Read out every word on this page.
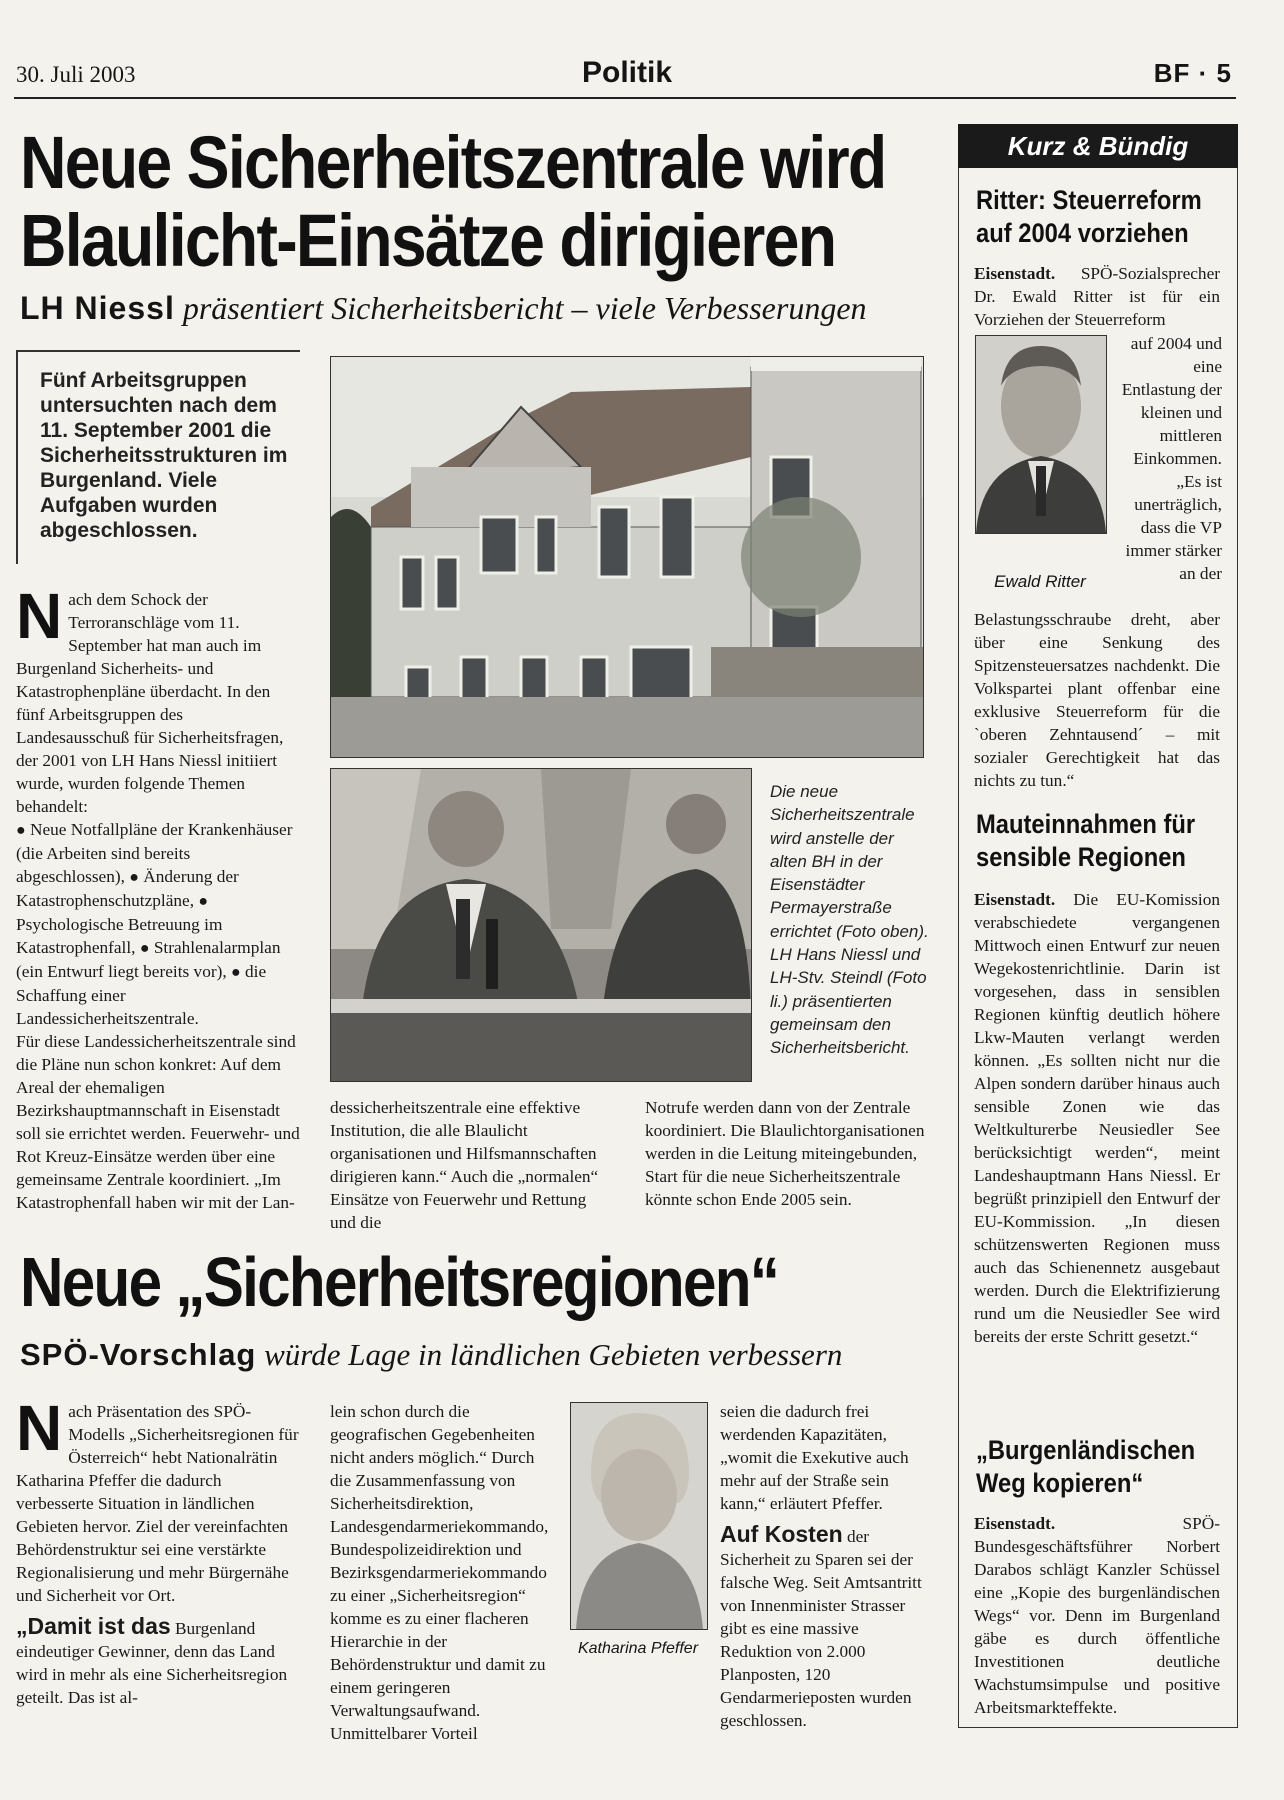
30. Juli 2003	Politik	BF · 5
Neue Sicherheitszentrale wird
Blaulicht-Einsätze dirigieren
LH Niessl präsentiert Sicherheitsbericht – viele Verbesserungen
Fünf Arbeitsgruppen untersuchten nach dem 11. September 2001 die Sicherheitsstrukturen im Burgenland. Viele Aufgaben wurden abgeschlossen.
Die neue Sicherheitszentrale wird anstelle der alten BH in der Eisenstädter Permayerstraße errichtet (Foto oben). LH Hans Niessl und LH-Stv. Steindl (Foto li.) präsentierten gemeinsam den Sicherheitsbericht.

Nach dem Schock der Terroranschläge vom 11. September hat man auch im Burgenland Sicherheits- und Katastrophenpläne überdacht. In den fünf Arbeitsgruppen des Landesausschuß für Sicherheitsfragen, der 2001 von LH Hans Niessl initiiert wurde, wurden folgende Themen behandelt:

● Neue Notfallpläne der Krankenhäuser (die Arbeiten sind bereits abgeschlossen), ● Änderung der Katastrophenschutzpläne, ● Psychologische Betreuung im Katastrophenfall, ● Strahlenalarmplan (ein Entwurf liegt bereits vor), ● die Schaffung einer Landessicherheitszentrale.

Für diese Landessicherheitszentrale sind die Pläne nun schon konkret: Auf dem Areal der ehemaligen Bezirkshauptmannschaft in Eisenstadt soll sie errichtet werden. Feuerwehr- und Rot Kreuz-Einsätze werden über eine gemeinsame Zentrale koordiniert. „Im Katastrophenfall haben wir mit der Lan-

dessicherheitszentrale eine effektive Institution, die alle Blaulicht organisationen und Hilfsmannschaften dirigieren kann.“ Auch die „normalen“ Einsätze von Feuerwehr und Rettung und die
Notrufe werden dann von der Zentrale koordiniert. Die Blaulichtorganisationen werden in die Leitung miteingebunden, Start für die neue Sicherheitszentrale könnte schon Ende 2005 sein.
Neue „Sicherheitsregionen“
SPÖ-Vorschlag würde Lage in ländlichen Gebieten verbessern

Nach Präsentation des SPÖ-Modells „Sicherheitsregionen für Österreich“ hebt Nationalrätin Katharina Pfeffer die dadurch verbesserte Situation in ländlichen Gebieten hervor. Ziel der vereinfachten Behördenstruktur sei eine verstärkte Regionalisierung und mehr Bürgernähe und Sicherheit vor Ort.

„Damit ist das Burgenland eindeutiger Gewinner, denn das Land wird in mehr als eine Sicherheitsregion geteilt. Das ist al-

lein schon durch die geografischen Gegebenheiten nicht anders möglich.“ Durch die Zusammenfassung von Sicherheitsdirektion, Landesgendarmeriekommando, Bundespolizeidirektion und Bezirksgendarmeriekommando zu einer „Sicherheitsregion“ komme es zu einer flacheren Hierarchie in der Behördenstruktur und damit zu einem geringeren Verwaltungsaufwand. Unmittelbarer Vorteil

seien die dadurch frei werdenden Kapazitäten, „womit die Exekutive auch mehr auf der Straße sein kann,“ erläutert Pfeffer.

Auf Kosten der Sicherheit zu Sparen sei der falsche Weg. Seit Amtsantritt von Innenminister Strasser gibt es eine massive Reduktion von 2.000 Planposten, 120 Gendarmerieposten wurden geschlossen.

Katharina Pfeffer
Kurz & Bündig
Ritter: Steuerreform
auf 2004 vorziehen
Eisenstadt. SPÖ-Sozialsprecher Dr. Ewald Ritter ist für ein Vorziehen der Steuerreform
Ewald Ritter
auf 2004 und eine Entlastung der kleinen und mittleren Einkommen. „Es ist unerträglich, dass die VP immer stärker an der
Belastungsschraube dreht, aber über eine Senkung des Spitzensteuersatzes nachdenkt. Die Volkspartei plant offenbar eine exklusive Steuerreform für die `oberen Zehntausend´ – mit sozialer Gerechtigkeit hat das nichts zu tun.“
Mauteinnahmen für
sensible Regionen
Eisenstadt. Die EU-Komission verabschiedete vergangenen Mittwoch einen Entwurf zur neuen Wegekostenrichtlinie. Darin ist vorgesehen, dass in sensiblen Regionen künftig deutlich höhere Lkw-Mauten verlangt werden können. „Es sollten nicht nur die Alpen sondern darüber hinaus auch sensible Zonen wie das Weltkulturerbe Neusiedler See berücksichtigt werden“, meint Landeshauptmann Hans Niessl. Er begrüßt prinzipiell den Entwurf der EU-Kommission. „In diesen schützenswerten Regionen muss auch das Schienennetz ausgebaut werden. Durch die Elektrifizierung rund um die Neusiedler See wird bereits der erste Schritt gesetzt.“
„Burgenländischen
Weg kopieren“
Eisenstadt.	SPÖ-Bundesgeschäftsführer Norbert Darabos schlägt Kanzler Schüssel eine „Kopie des burgenländischen Wegs“ vor. Denn im Burgenland gäbe es durch öffentliche Investitionen deutliche Wachstumsimpulse und positive Arbeitsmarkteffekte.
